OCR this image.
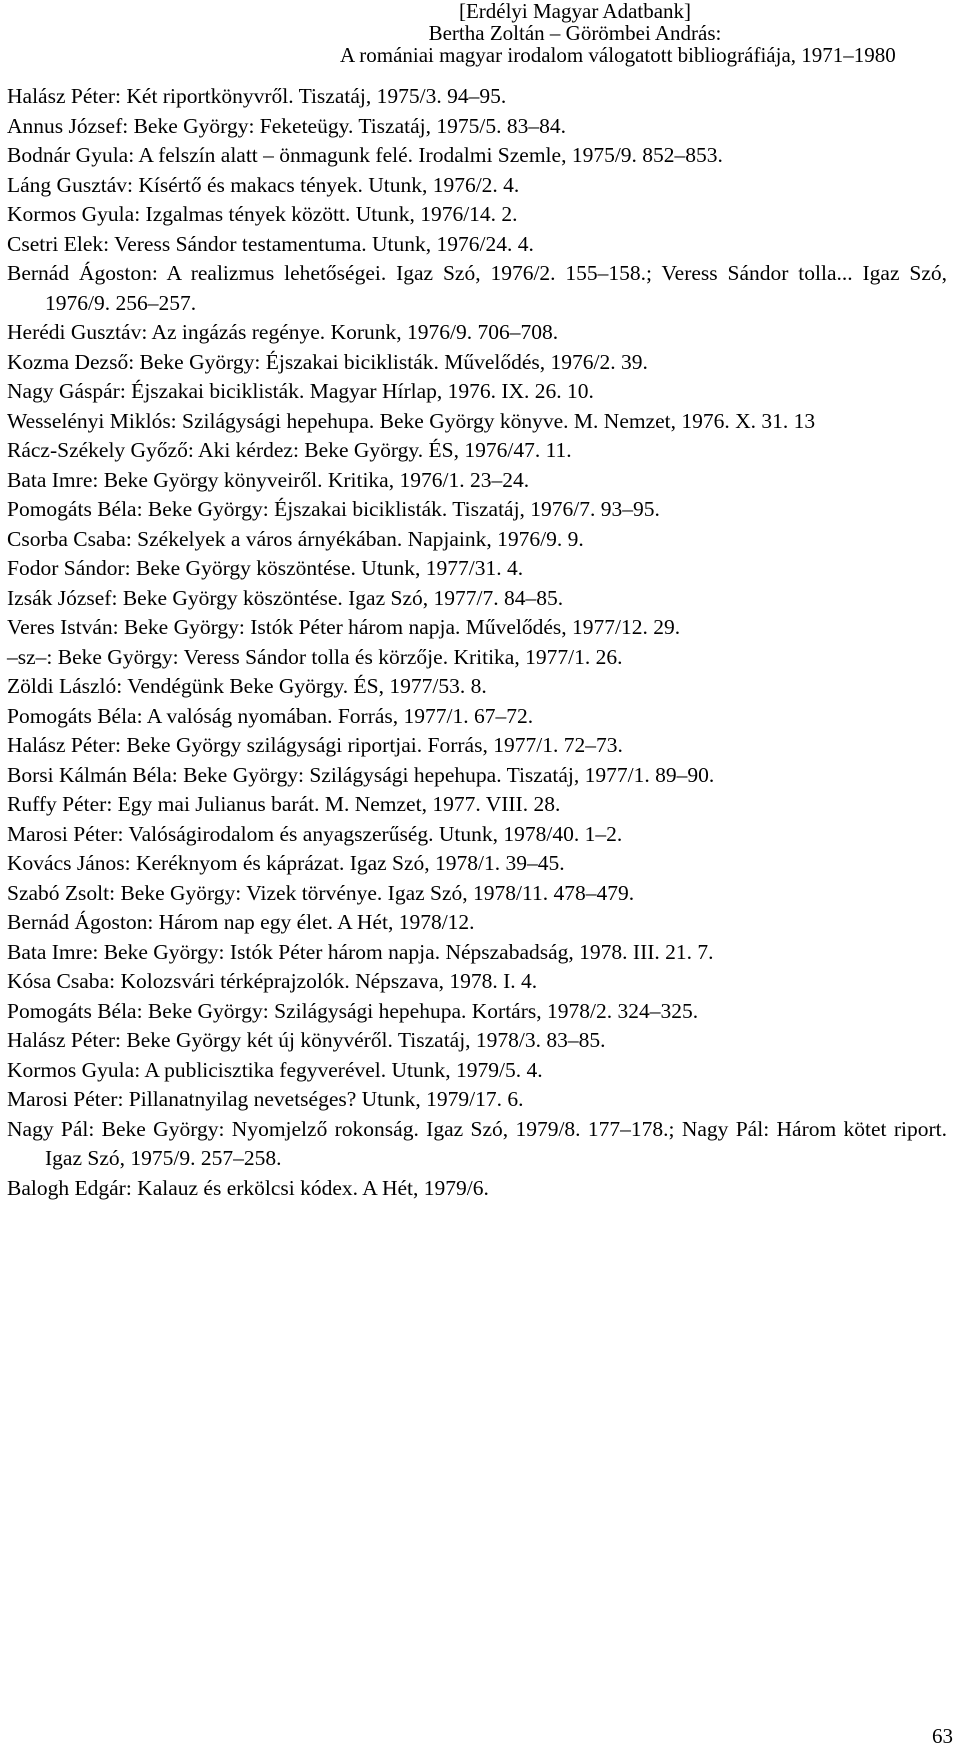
[Erdélyi Magyar Adatbank]
Bertha Zoltán – Görömbei András:
A romániai magyar irodalom válogatott bibliográfiája, 1971–1980
Halász Péter: Két riportkönyvről. Tiszatáj, 1975/3. 94–95.
Annus József: Beke György: Feketeügy. Tiszatáj, 1975/5. 83–84.
Bodnár Gyula: A felszín alatt – önmagunk felé. Irodalmi Szemle, 1975/9. 852–853.
Láng Gusztáv: Kísértő és makacs tények. Utunk, 1976/2. 4.
Kormos Gyula: Izgalmas tények között. Utunk, 1976/14. 2.
Csetri Elek: Veress Sándor testamentuma. Utunk, 1976/24. 4.
Bernád Ágoston: A realizmus lehetőségei. Igaz Szó, 1976/2. 155–158.; Veress Sándor tolla... Igaz Szó, 1976/9. 256–257.
Herédi Gusztáv: Az ingázás regénye. Korunk, 1976/9. 706–708.
Kozma Dezső: Beke György: Éjszakai biciklisták. Művelődés, 1976/2. 39.
Nagy Gáspár: Éjszakai biciklisták. Magyar Hírlap, 1976. IX. 26. 10.
Wesselényi Miklós: Szilágysági hepehupa. Beke György könyve. M. Nemzet, 1976. X. 31. 13
Rácz-Székely Győző: Aki kérdez: Beke György. ÉS, 1976/47. 11.
Bata Imre: Beke György könyveiről. Kritika, 1976/1. 23–24.
Pomogáts Béla: Beke György: Éjszakai biciklisták. Tiszatáj, 1976/7. 93–95.
Csorba Csaba: Székelyek a város árnyékában. Napjaink, 1976/9. 9.
Fodor Sándor: Beke György köszöntése. Utunk, 1977/31. 4.
Izsák József: Beke György köszöntése. Igaz Szó, 1977/7. 84–85.
Veres István: Beke György: Istók Péter három napja. Művelődés, 1977/12. 29.
–sz–: Beke György: Veress Sándor tolla és körzője. Kritika, 1977/1. 26.
Zöldi László: Vendégünk Beke György. ÉS, 1977/53. 8.
Pomogáts Béla: A valóság nyomában. Forrás, 1977/1. 67–72.
Halász Péter: Beke György szilágysági riportjai. Forrás, 1977/1. 72–73.
Borsi Kálmán Béla: Beke György: Szilágysági hepehupa. Tiszatáj, 1977/1. 89–90.
Ruffy Péter: Egy mai Julianus barát. M. Nemzet, 1977. VIII. 28.
Marosi Péter: Valóságirodalom és anyagszerűség. Utunk, 1978/40. 1–2.
Kovács János: Keréknyom és káprázat. Igaz Szó, 1978/1. 39–45.
Szabó Zsolt: Beke György: Vizek törvénye. Igaz Szó, 1978/11. 478–479.
Bernád Ágoston: Három nap egy élet. A Hét, 1978/12.
Bata Imre: Beke György: Istók Péter három napja. Népszabadság, 1978. III. 21. 7.
Kósa Csaba: Kolozsvári térképrajzolók. Népszava, 1978. I. 4.
Pomogáts Béla: Beke György: Szilágysági hepehupa. Kortárs, 1978/2. 324–325.
Halász Péter: Beke György két új könyvéről. Tiszatáj, 1978/3. 83–85.
Kormos Gyula: A publicisztika fegyverével. Utunk, 1979/5. 4.
Marosi Péter: Pillanatnyilag nevetséges? Utunk, 1979/17. 6.
Nagy Pál: Beke György: Nyomjelző rokonság. Igaz Szó, 1979/8. 177–178.; Nagy Pál: Három kötet riport. Igaz Szó, 1975/9. 257–258.
Balogh Edgár: Kalauz és erkölcsi kódex. A Hét, 1979/6.
63
